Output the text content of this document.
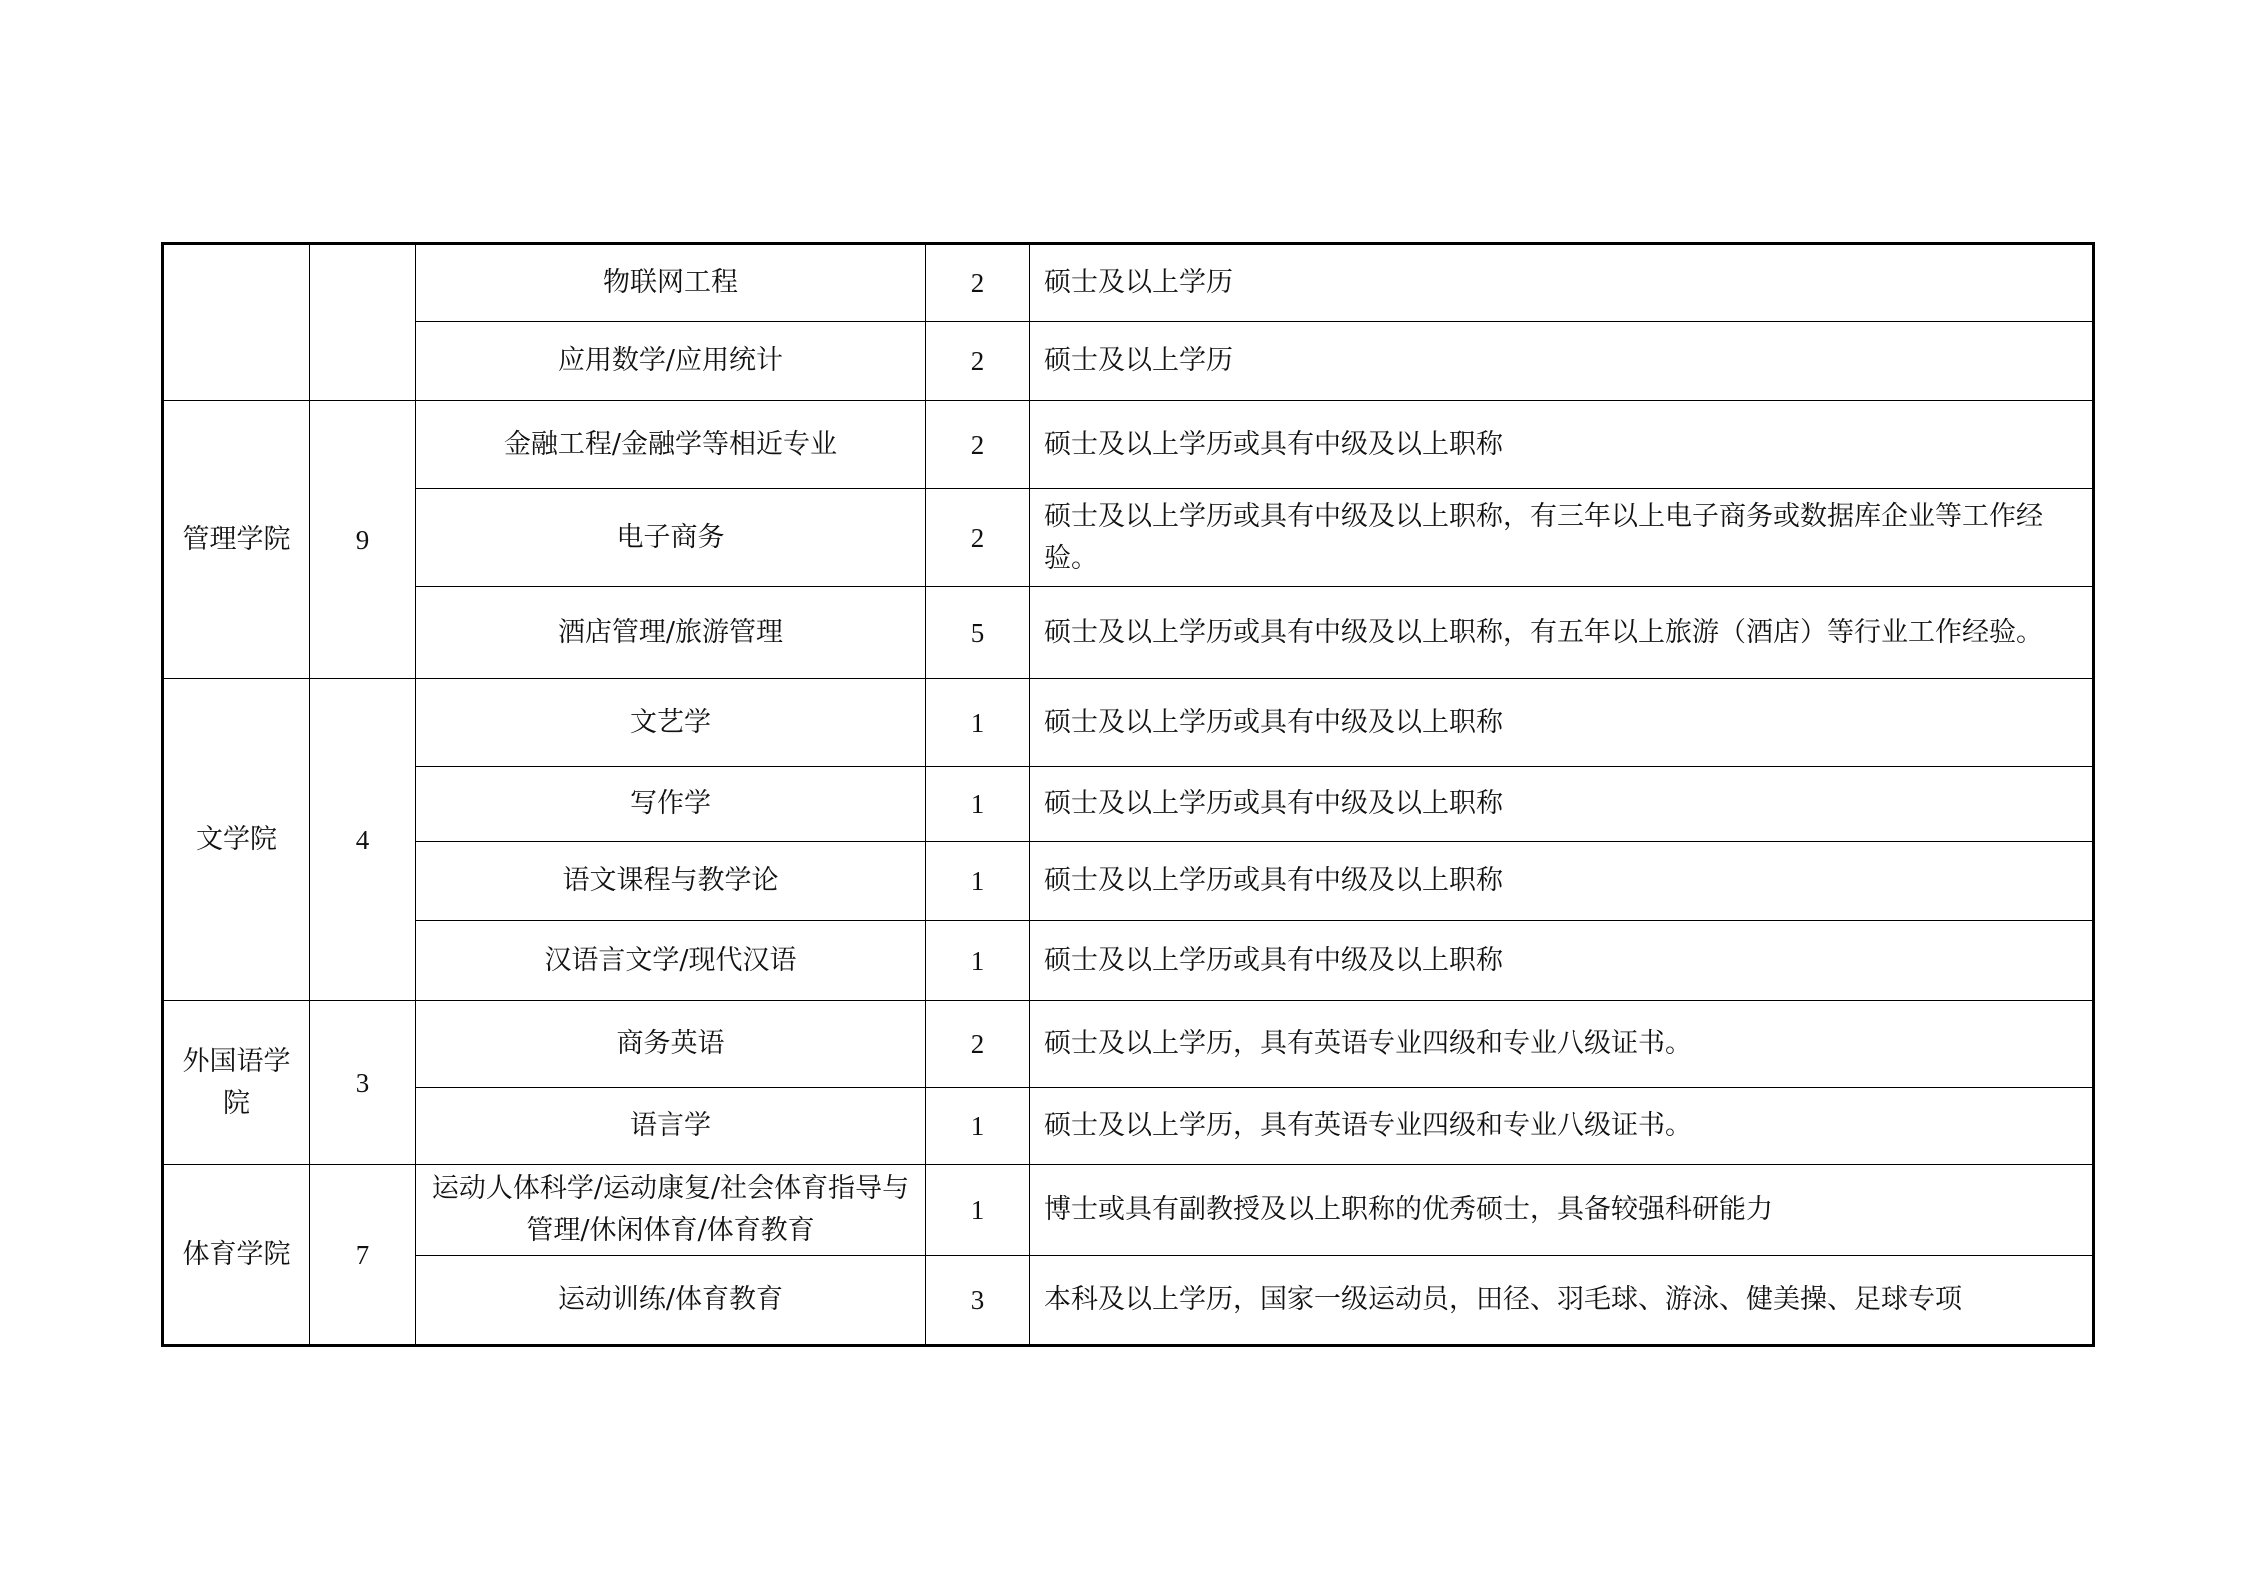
		物联网工程	2	硕士及以上学历
		应用数学/应用统计	2	硕士及以上学历
管理学院	9	金融工程/金融学等相近专业	2	硕士及以上学历或具有中级及以上职称
		电子商务	2	硕士及以上学历或具有中级及以上职称，有三年以上电子商务或数据库企业等工作经验。
		酒店管理/旅游管理	5	硕士及以上学历或具有中级及以上职称，有五年以上旅游（酒店）等行业工作经验。
文学院	4	文艺学	1	硕士及以上学历或具有中级及以上职称
		写作学	1	硕士及以上学历或具有中级及以上职称
		语文课程与教学论	1	硕士及以上学历或具有中级及以上职称
		汉语言文学/现代汉语	1	硕士及以上学历或具有中级及以上职称
外国语学院	3	商务英语	2	硕士及以上学历，具有英语专业四级和专业八级证书。
		语言学	1	硕士及以上学历，具有英语专业四级和专业八级证书。
体育学院	7	运动人体科学/运动康复/社会体育指导与管理/休闲体育/体育教育	1	博士或具有副教授及以上职称的优秀硕士，具备较强科研能力
		运动训练/体育教育	3	本科及以上学历，国家一级运动员，田径、羽毛球、游泳、健美操、足球专项
